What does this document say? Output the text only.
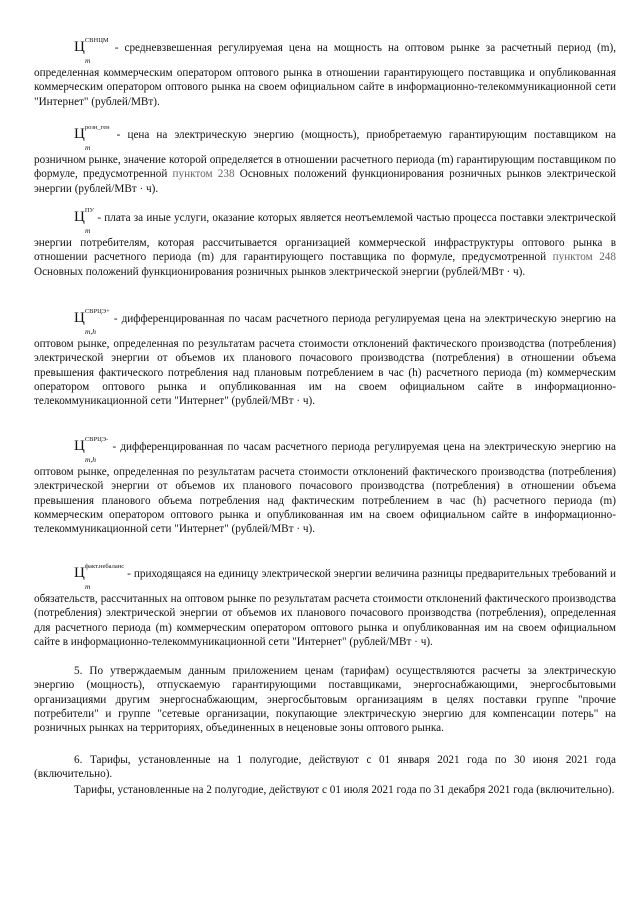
$Ц^{СВНЦМ}$
m
- средневзвешенная регулируемая цена на мощность на оптовом рынке за расчетный период (m), определенная коммерческим оператором оптового рынка в отношении гарантирующего поставщика и опубликованная коммерческим оператором оптового рынка на своем официальном сайте в информационно-телекоммуникационной сети "Интернет" (рублей/МВт).

$Ц^{розн\_ген}$
m
- цена на электрическую энергию (мощность), приобретаемую гарантирующим поставщиком на розничном рынке, значение которой определяется в отношении расчетного периода (m) гарантирующим поставщиком по формуле, предусмотренной пунктом 238 Основных положений функционирования розничных рынков электрической энергии (рублей/МВт · ч).

$Ц^{ПУ}$
m
- плата за иные услуги, оказание которых является неотъемлемой частью процесса поставки электрической энергии потребителям, которая рассчитывается организацией коммерческой инфраструктуры оптового рынка в отношении расчетного периода (m) для гарантирующего поставщика по формуле, предусмотренной пунктом 248 Основных положений функционирования розничных рынков электрической энергии (рублей/МВт · ч).

$Ц^{СВРЦЭ+}$
m,h
- дифференцированная по часам расчетного периода регулируемая цена на электрическую энергию на оптовом рынке, определенная по результатам расчета стоимости отклонений фактического производства (потребления) электрической энергии от объемов их планового почасового производства (потребления) в отношении объема превышения фактического потребления над плановым потреблением в час (h) расчетного периода (m) коммерческим оператором оптового рынка и опубликованная им на своем официальном сайте в информационно-телекоммуникационной сети "Интернет" (рублей/МВт · ч).

$Ц^{СВРЦЭ-}$
m,h
- дифференцированная по часам расчетного периода регулируемая цена на электрическую энергию на оптовом рынке, определенная по результатам расчета стоимости отклонений фактического производства (потребления) электрической энергии от объемов их планового почасового производства (потребления) в отношении объема превышения планового объема потребления над фактическим потреблением в час (h) расчетного периода (m) коммерческим оператором оптового рынка и опубликованная им на своем официальном сайте в информационно-телекоммуникационной сети "Интернет" (рублей/МВт · ч).

$Ц^{факт.небаланс}$
m
- приходящаяся на единицу электрической энергии величина разницы предварительных требований и обязательств, рассчитанных на оптовом рынке по результатам расчета стоимости отклонений фактического производства (потребления) электрической энергии от объемов их планового почасового производства (потребления), определенная для расчетного периода (m) коммерческим оператором оптового рынка и опубликованная им на своем официальном сайте в информационно-телекоммуникационной сети "Интернет" (рублей/МВт · ч).

5. По утверждаемым данным приложением ценам (тарифам) осуществляются расчеты за электрическую энергию (мощность), отпускаемую гарантирующими поставщиками, энергоснабжающими, энергосбытовыми организациями другим энергоснабжающим, энергосбытовым организациям в целях поставки группе "прочие потребители" и группе "сетевые организации, покупающие электрическую энергию для компенсации потерь" на розничных рынках на территориях, объединенных в неценовые зоны оптового рынка.

6. Тарифы, установленные на 1 полугодие, действуют с 01 января 2021 года по 30 июня 2021 года (включительно).

Тарифы, установленные на 2 полугодие, действуют с 01 июля 2021 года по 31 декабря 2021 года (включительно).
